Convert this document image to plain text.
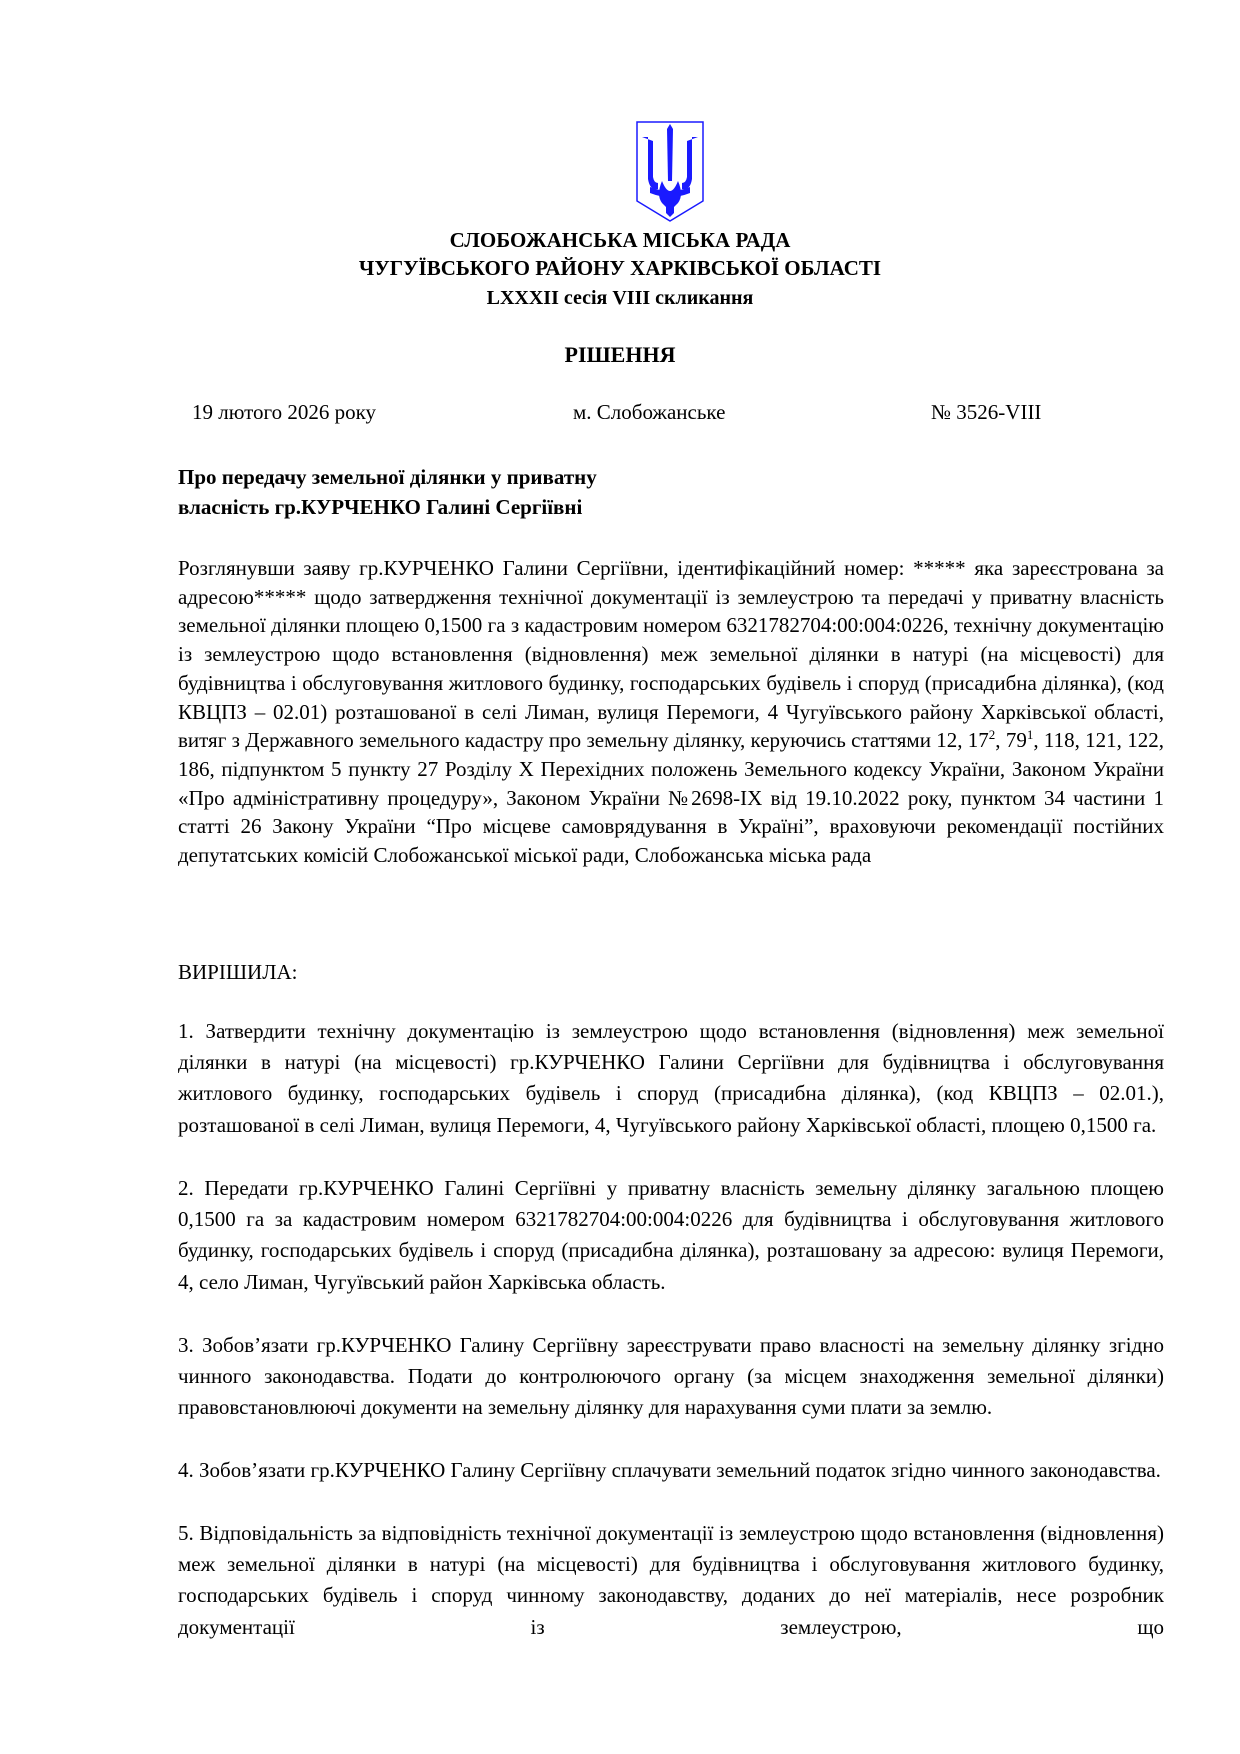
СЛОБОЖАНСЬКА МІСЬКА РАДА
ЧУГУЇВСЬКОГО РАЙОНУ ХАРКІВСЬКОЇ ОБЛАСТІ
LXXXII сесія VIII скликання
РІШЕННЯ
19 лютого 2026 року	м. Слобожанське	№ 3526-VIII
Про передачу земельної ділянки у приватну
власність гр.КУРЧЕНКО Галині Сергіївні
Розглянувши заяву гр.КУРЧЕНКО Галини Сергіївни, ідентифікаційний номер: ***** яка зареєстрована за адресою***** щодо затвердження технічної документації із землеустрою та передачі у приватну власність земельної ділянки площею 0,1500 га з кадастровим номером 6321782704:00:004:0226, технічну документацію із землеустрою щодо встановлення (відновлення) меж земельної ділянки в натурі (на місцевості) для будівництва і обслуговування житлового будинку, господарських будівель і споруд (присадибна ділянка), (код КВЦПЗ – 02.01) розташованої в селі Лиман, вулиця Перемоги, 4 Чугуївського району Харківської області, витяг з Державного земельного кадастру про земельну ділянку, керуючись статтями 12, $17^2$, $79^1$, 118, 121, 122, 186, підпунктом 5 пункту 27 Розділу Х Перехідних положень Земельного кодексу України, Законом України «Про адміністративну процедуру», Законом України №2698-IX від 19.10.2022 року, пунктом 34 частини 1 статті 26 Закону України “Про місцеве самоврядування в Україні”, враховуючи рекомендації постійних депутатських комісій Слобожанської міської ради, Слобожанська міська рада
ВИРІШИЛА:
1. Затвердити технічну документацію із землеустрою щодо встановлення (відновлення) меж земельної ділянки в натурі (на місцевості) гр.КУРЧЕНКО Галини Сергіївни для будівництва і обслуговування житлового будинку, господарських будівель і споруд (присадибна ділянка), (код КВЦПЗ – 02.01.), розташованої в селі Лиман, вулиця Перемоги, 4, Чугуївського району Харківської області, площею 0,1500 га.
2. Передати гр.КУРЧЕНКО Галині Сергіївні у приватну власність земельну ділянку загальною площею 0,1500 га за кадастровим номером 6321782704:00:004:0226 для будівництва і обслуговування житлового будинку, господарських будівель і споруд (присадибна ділянка), розташовану за адресою: вулиця Перемоги, 4, село Лиман, Чугуївський район Харківська область.
3. Зобов’язати гр.КУРЧЕНКО Галину Сергіївну зареєструвати право власності на земельну ділянку згідно чинного законодавства. Подати до контролюючого органу (за місцем знаходження земельної ділянки) правовстановлюючі документи на земельну ділянку для нарахування суми плати за землю.
4. Зобов’язати гр.КУРЧЕНКО Галину Сергіївну сплачувати земельний податок згідно чинного законодавства.
5. Відповідальність за відповідність технічної документації із землеустрою щодо встановлення (відновлення) меж земельної ділянки в натурі (на місцевості) для будівництва і обслуговування житлового будинку, господарських будівель і споруд чинному законодавству, доданих до неї матеріалів, несе розробник документації із землеустрою, що
